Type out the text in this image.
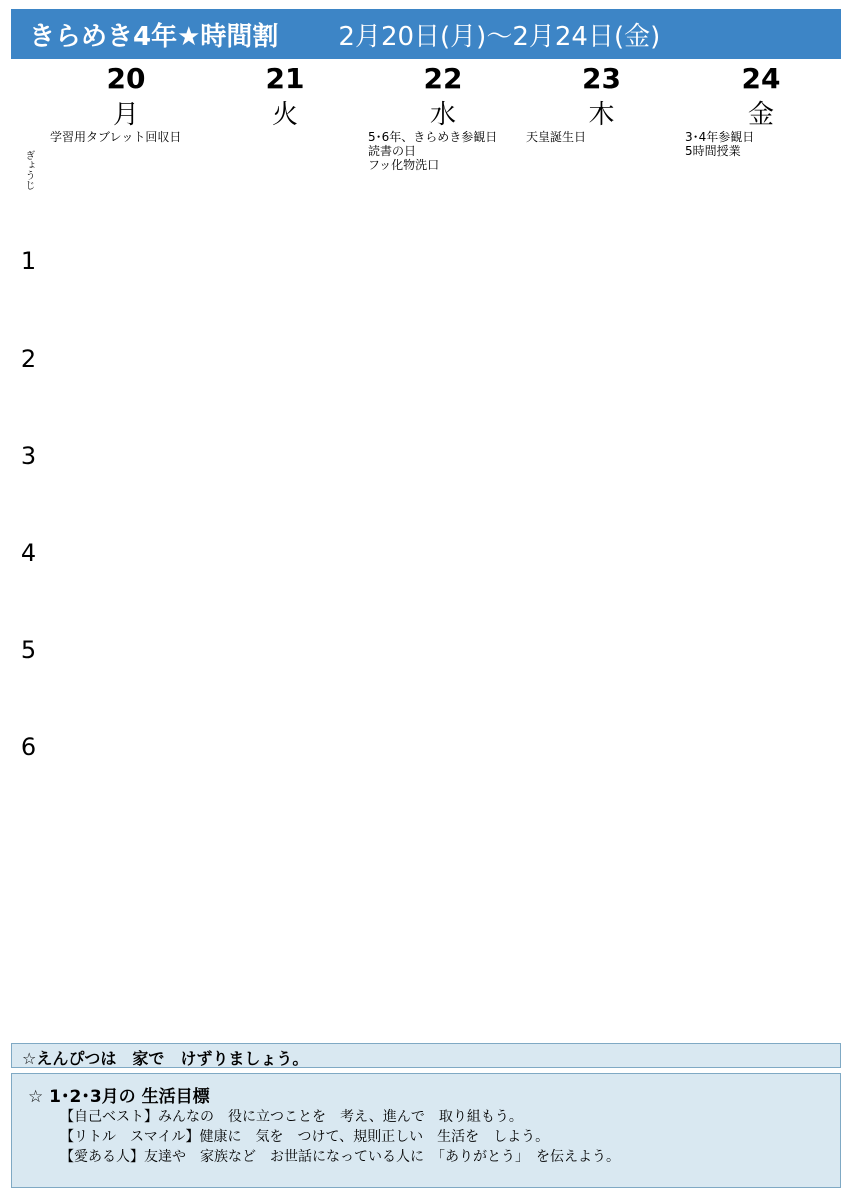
きらめき4年★時間割 2月20日(月)～2月24日(金)
20
月
学習用タブレット回収日
21
火
22
水
5･6年、きらめき参観日
読書の日
フッ化物洗口
23
木
天皇誕生日
24
金
3･4年参観日
5時間授業
ぎょうじ
1
2
3
4
5
6
☆えんぴつは　家で　けずりましょう。
☆ 1･2･3月の 生活目標
【自己ベスト】みんなの　役に立つことを　考え、進んで　取り組もう。
【リトル　スマイル】健康に　気を　つけて、規則正しい　生活を　しよう。
【愛ある人】友達や　家族など　お世話になっている人に　「ありがとう」　を伝えよう。
